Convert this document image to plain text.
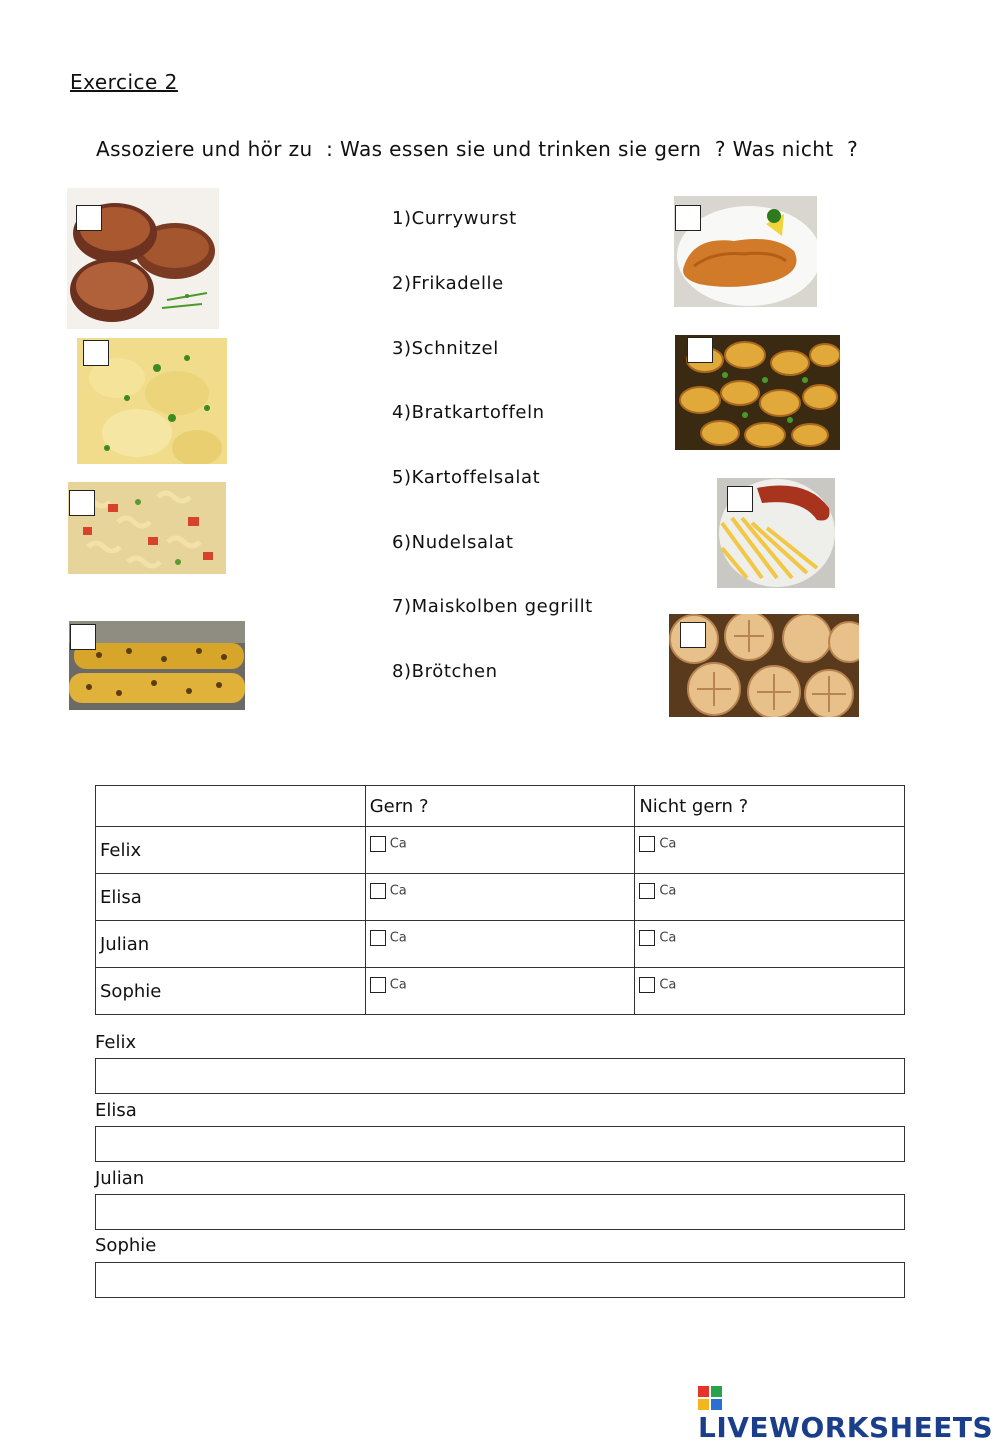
Exercice 2
Assoziere und hör zu  : Was essen sie und trinken sie gern  ? Was nicht  ?
1)Currywurst
2)Frikadelle
3)Schnitzel
4)Bratkartoffeln
5)Kartoffelsalat
6)Nudelsalat
7)Maiskolben gegrillt
8)Brötchen
	Gern ?	Nicht gern ?
Felix	Ca	Ca
Elisa	Ca	Ca
Julian	Ca	Ca
Sophie	Ca	Ca
Felix
Elisa
Julian
Sophie
LIVEWORKSHEETS
